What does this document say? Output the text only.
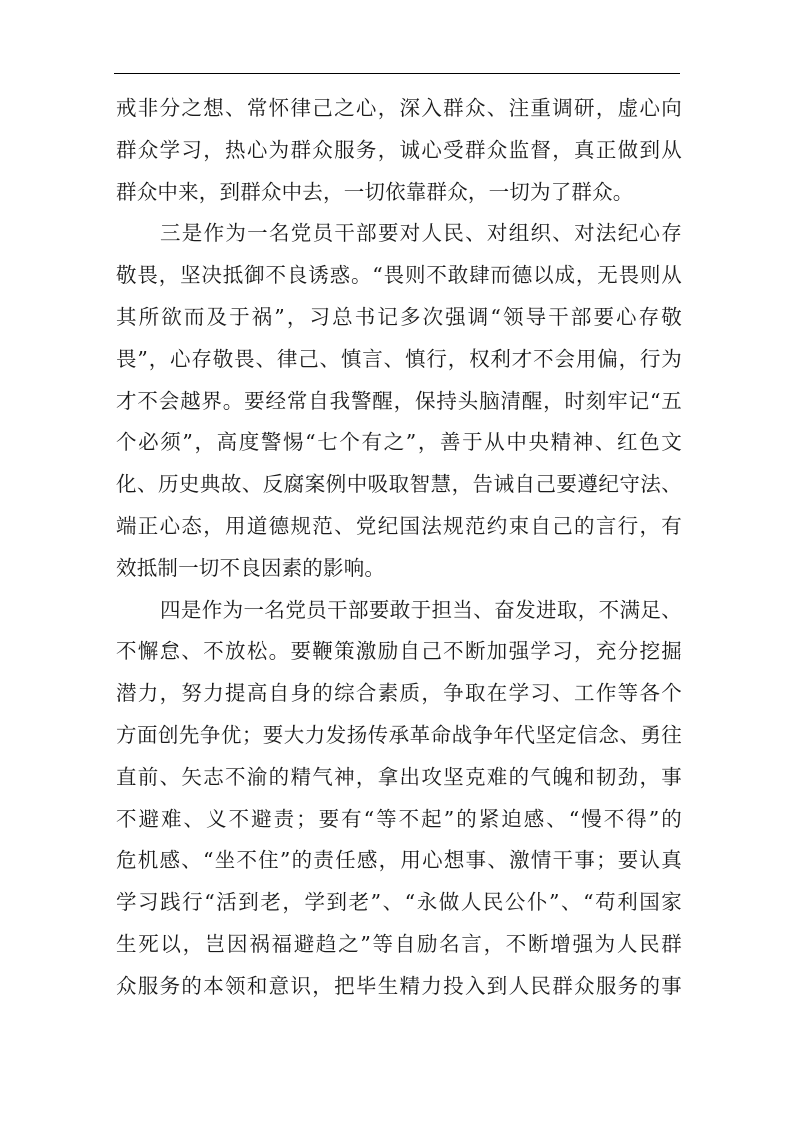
戒非分之想、常怀律己之心，深入群众、注重调研，虚心向
群众学习，热心为群众服务，诚心受群众监督，真正做到从
群众中来，到群众中去，一切依靠群众，一切为了群众。
三是作为一名党员干部要对人民、对组织、对法纪心存
敬畏，坚决抵御不良诱惑。“畏则不敢肆而德以成，无畏则从
其所欲而及于祸”，习总书记多次强调“领导干部要心存敬
畏”，心存敬畏、律己、慎言、慎行，权利才不会用偏，行为
才不会越界。要经常自我警醒，保持头脑清醒，时刻牢记“五
个必须”，高度警惕“七个有之”，善于从中央精神、红色文
化、历史典故、反腐案例中吸取智慧，告诫自己要遵纪守法、
端正心态，用道德规范、党纪国法规范约束自己的言行，有
效抵制一切不良因素的影响。
四是作为一名党员干部要敢于担当、奋发进取，不满足、
不懈怠、不放松。要鞭策激励自己不断加强学习，充分挖掘
潜力，努力提高自身的综合素质，争取在学习、工作等各个
方面创先争优；要大力发扬传承革命战争年代坚定信念、勇往
直前、矢志不渝的精气神，拿出攻坚克难的气魄和韧劲，事
不避难、义不避责；要有“等不起”的紧迫感、“慢不得”的
危机感、“坐不住”的责任感，用心想事、激情干事；要认真
学习践行“活到老，学到老”、“永做人民公仆”、“苟利国家
生死以，岂因祸福避趋之”等自励名言，不断增强为人民群
众服务的本领和意识，把毕生精力投入到人民群众服务的事
